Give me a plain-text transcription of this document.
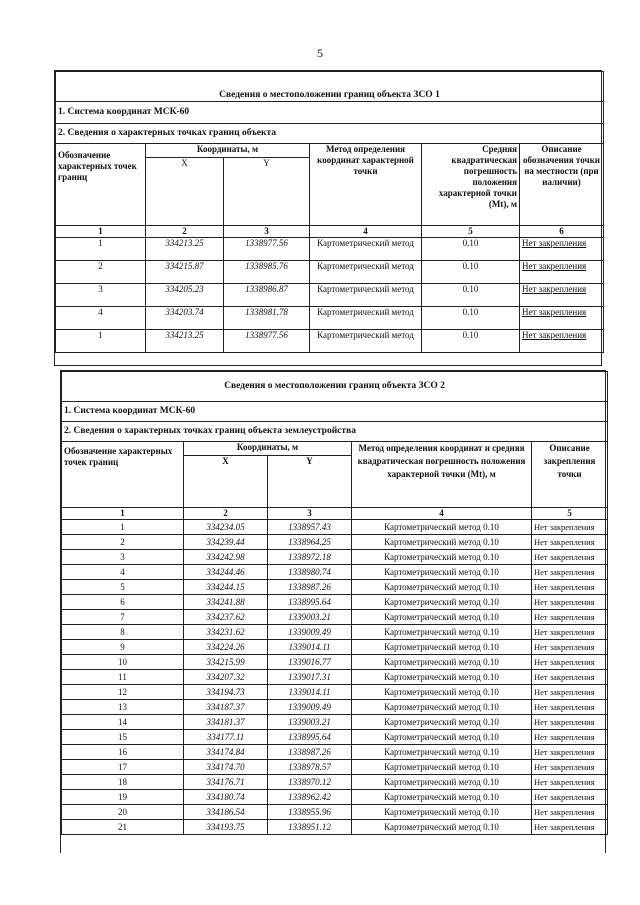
5
Сведения о местоположении границ объекта ЗСО 1					
1. Система координат МСК-60					
2. Сведения о характерных точках границ объекта					
Обозначение характерных точек границ	Координаты, м		Метод определения координат характерной точки	Средняя квадратическая погрешность положения характерной точки (Mt), м	Описание обозначения точки на местности (при наличии)
	X	Y			
1	2	3	4	5	6
1	334213.25	1338977.56	Картометрический метод	0.10	Нет закрепления
2	334215.87	1338985.76	Картометрический метод	0.10	Нет закрепления
3	334205.23	1338986.87	Картометрический метод	0.10	Нет закрепления
4	334203.74	1338981.78	Картометрический метод	0.10	Нет закрепления
1	334213.25	1338977.56	Картометрический метод	0.10	Нет закрепления
Сведения о местоположении границ объекта ЗСО 2				
1. Система координат МСК-60				
2. Сведения о характерных точках границ объекта землеустройства				
Обозначение характерных точек границ	Координаты, м		Метод определения координат и средняя квадратическая погрешность положения характерной точки (Mt), м	Описание закрепления точки
	X	Y		
1	2	3	4	5
1	334234.05	1338957.43	Картометрический метод 0.10	Нет закрепления
2	334239.44	1338964.25	Картометрический метод 0.10	Нет закрепления
3	334242.98	1338972.18	Картометрический метод 0.10	Нет закрепления
4	334244.46	1338980.74	Картометрический метод 0.10	Нет закрепления
5	334244.15	1338987.26	Картометрический метод 0.10	Нет закрепления
6	334241.88	1338995.64	Картометрический метод 0.10	Нет закрепления
7	334237.62	1339003.21	Картометрический метод 0.10	Нет закрепления
8	334231.62	1339009.49	Картометрический метод 0.10	Нет закрепления
9	334224.26	1339014.11	Картометрический метод 0.10	Нет закрепления
10	334215.99	1339016.77	Картометрический метод 0.10	Нет закрепления
11	334207.32	1339017.31	Картометрический метод 0.10	Нет закрепления
12	334194.73	1339014.11	Картометрический метод 0.10	Нет закрепления
13	334187.37	1339009.49	Картометрический метод 0.10	Нет закрепления
14	334181.37	1339003.21	Картометрический метод 0.10	Нет закрепления
15	334177.11	1338995.64	Картометрический метод 0.10	Нет закрепления
16	334174.84	1338987.26	Картометрический метод 0.10	Нет закрепления
17	334174.70	1338978.57	Картометрический метод 0.10	Нет закрепления
18	334176.71	1338970.12	Картометрический метод 0.10	Нет закрепления
19	334180.74	1338962.42	Картометрический метод 0.10	Нет закрепления
20	334186.54	1338955.96	Картометрический метод 0.10	Нет закрепления
21	334193.75	1338951.12	Картометрический метод 0.10	Нет закрепления
